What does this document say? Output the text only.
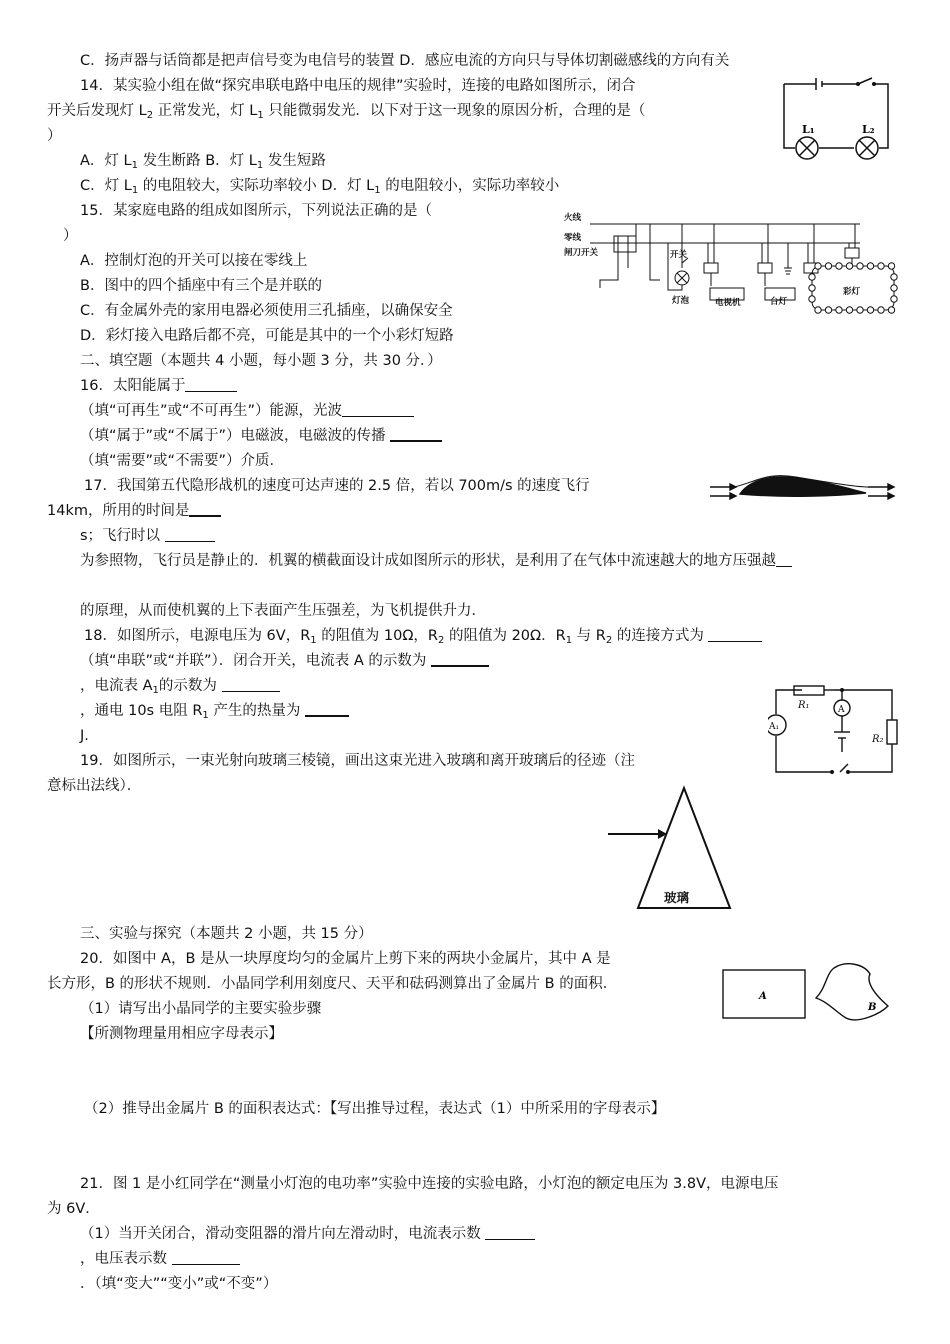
C．扬声器与话筒都是把声信号变为电信号的装置 D．感应电流的方向只与导体切割磁感线的方向有关
14．某实验小组在做“探究串联电路中电压的规律”实验时，连接的电路如图所示，闭合
开关后发现灯 $L_2$ 正常发光，灯 $L_1$ 只能微弱发光．以下对于这一现象的原因分析，合理的是（
）
A．灯 $L_1$ 发生断路 B．灯 $L_1$ 发生短路
C．灯 $L_1$ 的电阻较大，实际功率较小 D．灯 $L_1$ 的电阻较小，实际功率较小
L₁	L₂
15．某家庭电路的组成如图所示，下列说法正确的是（
）
A．控制灯泡的开关可以接在零线上
B．图中的四个插座中有三个是并联的
C．有金属外壳的家用电器必须使用三孔插座，以确保安全
D．彩灯接入电路后都不亮，可能是其中的一个小彩灯短路
火线
零线
闸刀开关	开关
灯泡	电视机	台灯
彩灯
二、填空题（本题共 4 小题，每小题 3 分，共 30 分．）
16．太阳能属于
（填“可再生”或“不可再生”）能源，光波
（填“属于”或“不属于”）电磁波，电磁波的传播
（填“需要”或“不需要”）介质．
17．我国第五代隐形战机的速度可达声速的 2.5 倍，若以 700m/s 的速度飞行
14km，所用的时间是
s；飞行时以
为参照物，飞行员是静止的．机翼的横截面设计成如图所示的形状，是利用了在气体中流速越大的地方压强越
的原理，从而使机翼的上下表面产生压强差，为飞机提供升力．
18．如图所示，电源电压为 6V，$R_1$ 的阻值为 10Ω，$R_2$ 的阻值为 20Ω．$R_1$ 与 $R_2$ 的连接方式为
（填“串联”或“并联”）．闭合开关，电流表 A 的示数为
，电流表 $A_1$的示数为
，通电 10s 电阻 $R_1$ 产生的热量为
J.
R₁
R₂
A
A₁
19．如图所示，一束光射向玻璃三棱镜，画出这束光进入玻璃和离开玻璃后的径迹（注
意标出法线）．
玻璃
三、实验与探究（本题共 2 小题，共 15 分）
20．如图中 A，B 是从一块厚度均匀的金属片上剪下来的两块小金属片，其中 A 是
长方形，B 的形状不规则．小晶同学利用刻度尺、天平和砝码测算出了金属片 B 的面积．
（1）请写出小晶同学的主要实验步骤
【所测物理量用相应字母表示】
（2）推导出金属片 B 的面积表达式：【写出推导过程，表达式（1）中所采用的字母表示】
A
B
21．图 1 是小红同学在“测量小灯泡的电功率”实验中连接的实验电路，小灯泡的额定电压为 3.8V，电源电压
为 6V．
（1）当开关闭合，滑动变阻器的滑片向左滑动时，电流表示数
，电压表示数
．（填“变大”“变小”或“不变”）
